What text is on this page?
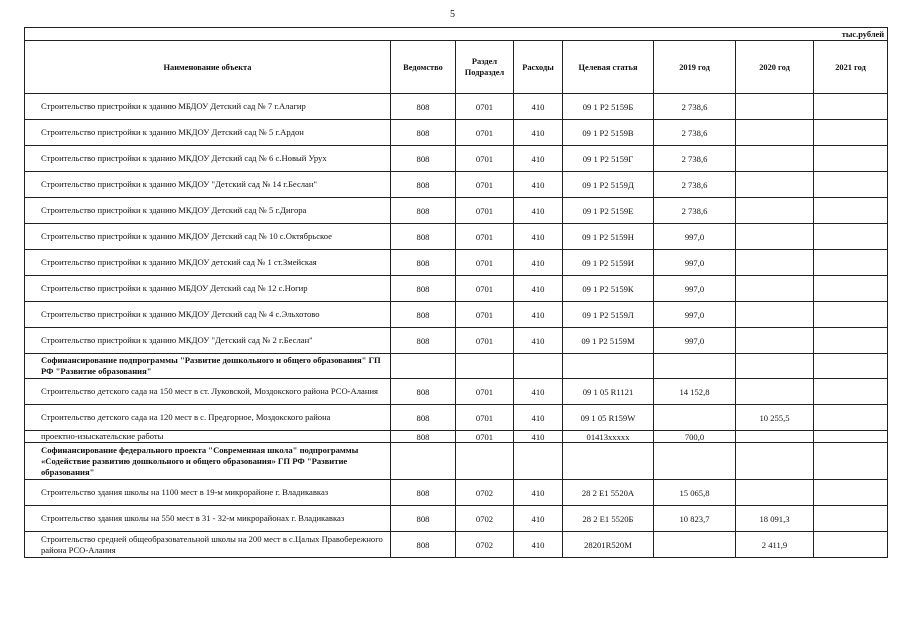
5
тыс.рублей							
Наименование объекта	Ведомство	Раздел Подраздел	Расходы	Целевая статья	2019 год	2020 год	2021 год
Строительство пристройки к зданию МБДОУ Детский сад № 7 г.Алагир	808	0701	410	09 1 Р2 5159Б	2 738,6		
Строительство пристройки к зданию МКДОУ Детский сад № 5 г.Ардон	808	0701	410	09 1 Р2 5159В	2 738,6		
Строительство пристройки к зданию МКДОУ Детский сад № 6 с.Новый Урух	808	0701	410	09 1 Р2 5159Г	2 738,6		
Строительство пристройки к зданию МКДОУ "Детский сад № 14 г.Беслан"	808	0701	410	09 1 Р2 5159Д	2 738,6		
Строительство пристройки к зданию МКДОУ Детский сад № 5 г.Дигора	808	0701	410	09 1 Р2 5159Е	2 738,6		
Строительство пристройки к зданию МКДОУ Детский сад № 10 с.Октябрьское	808	0701	410	09 1 Р2 5159Н	997,0		
Строительство пристройки к зданию МКДОУ детский сад № 1 ст.Змейская	808	0701	410	09 1 Р2 5159И	997,0		
Строительство пристройки к зданию МБДОУ Детский сад № 12 с.Ногир	808	0701	410	09 1 Р2 5159К	997,0		
Строительство пристройки к зданию МКДОУ Детский сад № 4 с.Эльхотово	808	0701	410	09 1 Р2 5159Л	997,0		
Строительство пристройки к зданию МКДОУ "Детский сад № 2 г.Беслан"	808	0701	410	09 1 Р2 5159М	997,0		
Софинансирование подпрограммы "Развитие дошкольного и общего образования" ГП РФ "Развитие образования"							
Строительство детского сада на 150 мест в ст. Луковской, Моздокского района РСО-Алания	808	0701	410	09 1 05 R1121	14 152,8		
Строительство детского сада на 120 мест в с. Предгорное, Моздокского района	808	0701	410	09 1 05 R159W		10 255,5	
проектно-изыскательские работы	808	0701	410	01413xxxxx	700,0		
Софинансирование федерального проекта "Современная школа" подпрограммы «Содействие развитию дошкольного и общего образования» ГП РФ "Развитие образования"							
Строительство здания школы на 1100 мест в 19-м микрорайоне г. Владикавказ	808	0702	410	28 2 E1 5520А	15 065,8		
Строительство здания школы на 550 мест в 31 - 32-м микрорайонах г. Владикавказ	808	0702	410	28 2 E1 5520Б	10 823,7	18 091,3	
Строительство средней общеобразовательной школы на 200 мест в с.Цалых Правобережного района РСО-Алания	808	0702	410	28201R520M		2 411,9	
